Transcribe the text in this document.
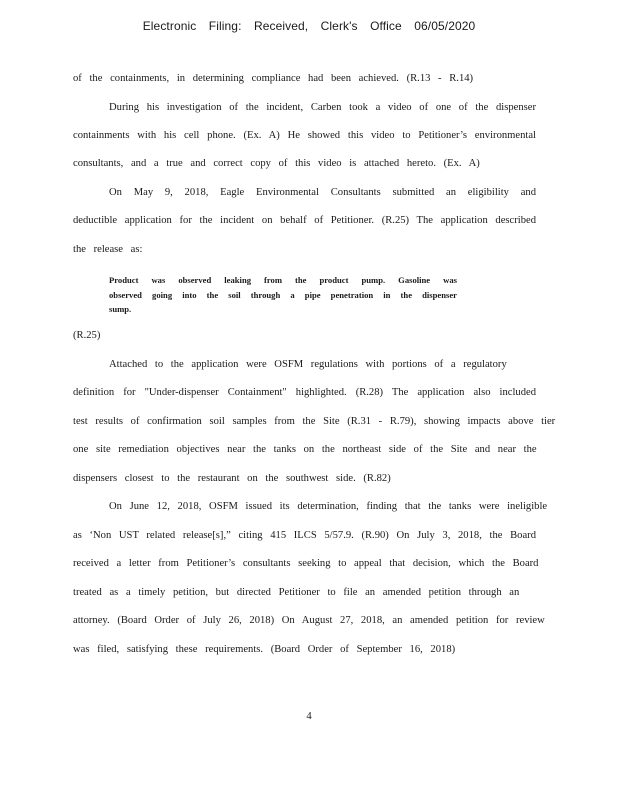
Electronic Filing: Received, Clerk's Office 06/05/2020
of the containments, in determining compliance had been achieved. (R.13 - R.14)
During his investigation of the incident, Carben took a video of one of the dispenser
containments with his cell phone. (Ex. A) He showed this video to Petitioner’s environmental
consultants, and a true and correct copy of this video is attached hereto. (Ex. A)
On May 9, 2018, Eagle Environmental Consultants submitted an eligibility and
deductible application for the incident on behalf of Petitioner. (R.25) The application described
the release as:
Product was observed leaking from the product pump. Gasoline was
observed going into the soil through a pipe penetration in the dispenser
sump.
(R.25)
Attached to the application were OSFM regulations with portions of a regulatory
definition for "Under-dispenser Containment" highlighted. (R.28) The application also included
test results of confirmation soil samples from the Site (R.31 - R.79), showing impacts above tier
one site remediation objectives near the tanks on the northeast side of the Site and near the
dispensers closest to the restaurant on the southwest side. (R.82)
On June 12, 2018, OSFM issued its determination, finding that the tanks were ineligible
as ‘Non UST related release[s],” citing 415 ILCS 5/57.9. (R.90) On July 3, 2018, the Board
received a letter from Petitioner’s consultants seeking to appeal that decision, which the Board
treated as a timely petition, but directed Petitioner to file an amended petition through an
attorney. (Board Order of July 26, 2018) On August 27, 2018, an amended petition for review
was filed, satisfying these requirements. (Board Order of September 16, 2018)
4
